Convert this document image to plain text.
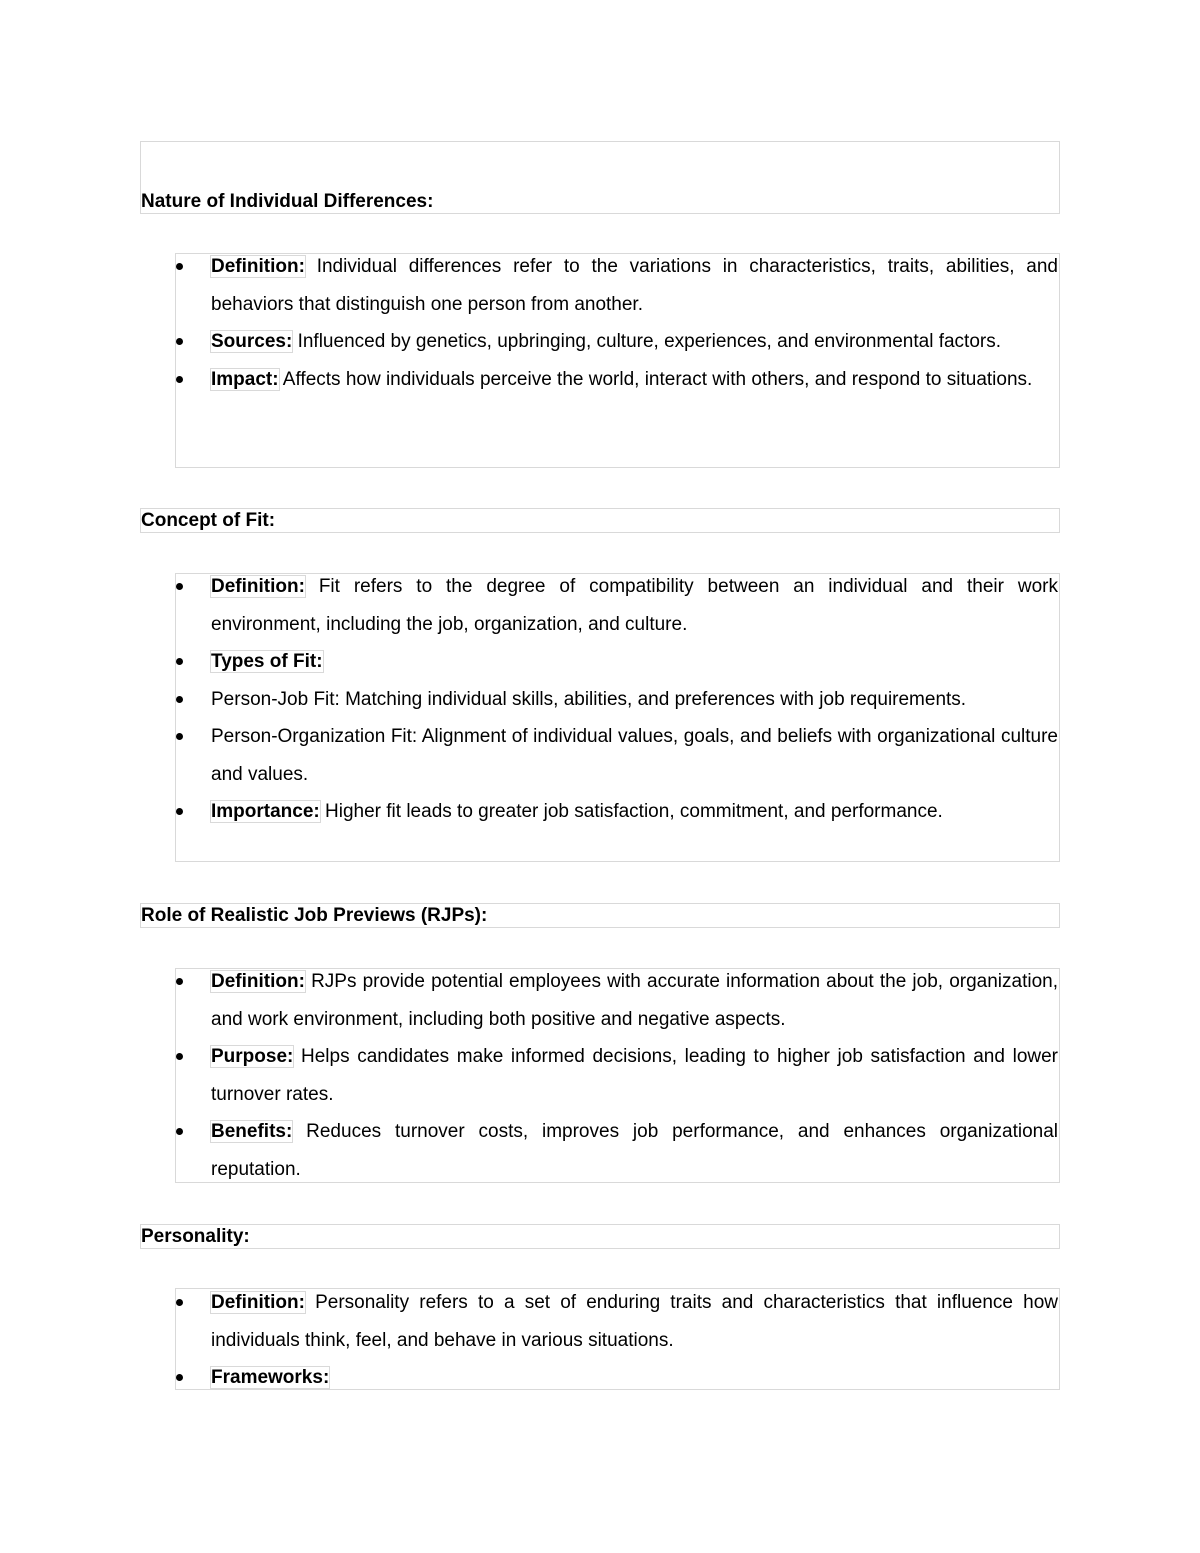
Nature of Individual Differences:
Definition: Individual differences refer to the variations in characteristics, traits, abilities, and behaviors that distinguish one person from another.
Sources: Influenced by genetics, upbringing, culture, experiences, and environmental factors.
Impact: Affects how individuals perceive the world, interact with others, and respond to situations.
Concept of Fit:
Definition: Fit refers to the degree of compatibility between an individual and their work environment, including the job, organization, and culture.
Types of Fit:
Person-Job Fit: Matching individual skills, abilities, and preferences with job requirements.
Person-Organization Fit: Alignment of individual values, goals, and beliefs with organizational culture and values.
Importance: Higher fit leads to greater job satisfaction, commitment, and performance.
Role of Realistic Job Previews (RJPs):
Definition: RJPs provide potential employees with accurate information about the job, organization, and work environment, including both positive and negative aspects.
Purpose: Helps candidates make informed decisions, leading to higher job satisfaction and lower turnover rates.
Benefits: Reduces turnover costs, improves job performance, and enhances organizational reputation.
Personality:
Definition: Personality refers to a set of enduring traits and characteristics that influence how individuals think, feel, and behave in various situations.
Frameworks:
